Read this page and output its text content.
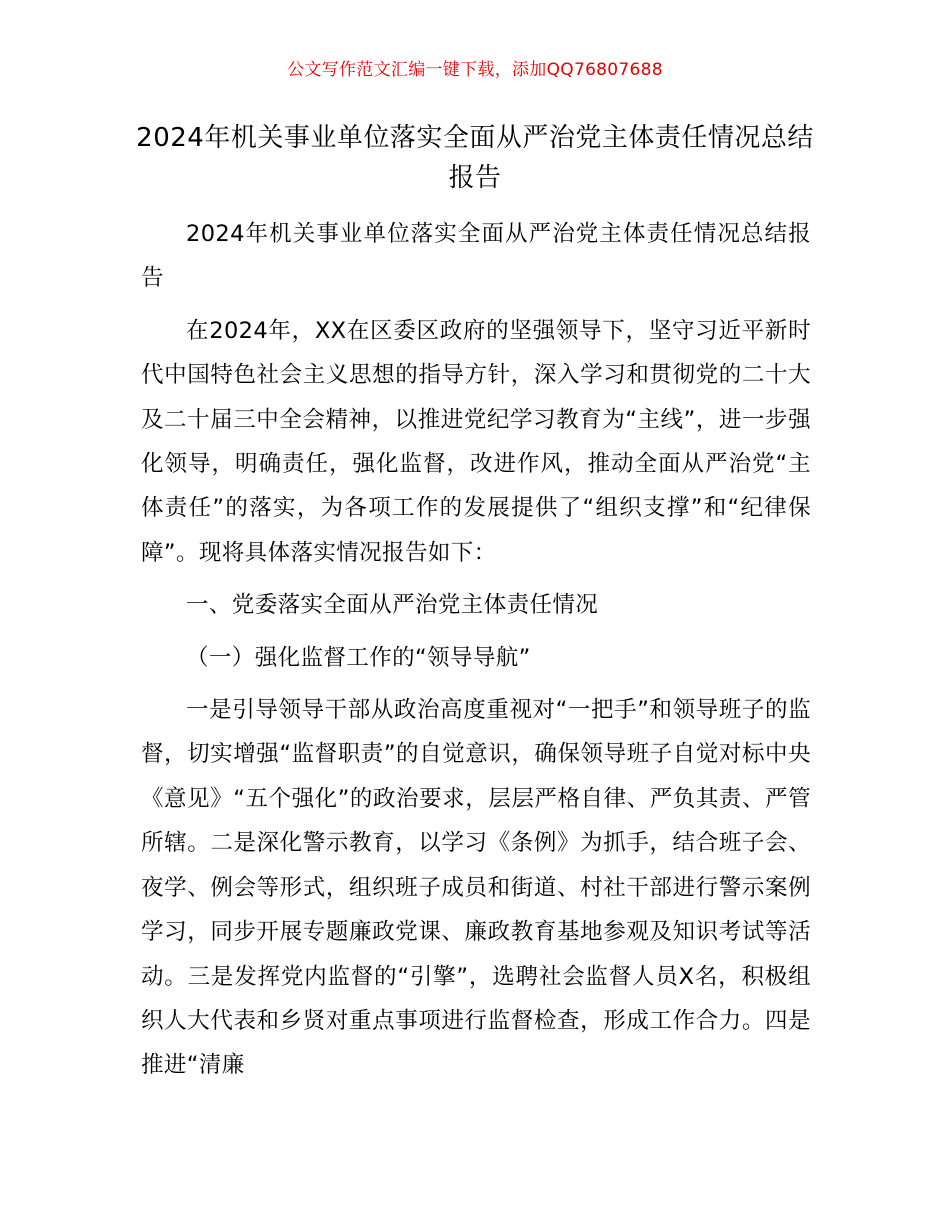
公文写作范文汇编一键下载，添加QQ76807688
2024年机关事业单位落实全面从严治党主体责任情况总结报告

2024年机关事业单位落实全面从严治党主体责任情况总结报告

在2024年，XX在区委区政府的坚强领导下，坚守习近平新时代中国特色社会主义思想的指导方针，深入学习和贯彻党的二十大及二十届三中全会精神，以推进党纪学习教育为“主线”，进一步强化领导，明确责任，强化监督，改进作风，推动全面从严治党“主体责任”的落实，为各项工作的发展提供了“组织支撑”和“纪律保障”。现将具体落实情况报告如下：

一、党委落实全面从严治党主体责任情况

（一）强化监督工作的“领导导航”

一是引导领导干部从政治高度重视对“一把手”和领导班子的监督，切实增强“监督职责”的自觉意识，确保领导班子自觉对标中央《意见》“五个强化”的政治要求，层层严格自律、严负其责、严管所辖。二是深化警示教育，以学习《条例》为抓手，结合班子会、夜学、例会等形式，组织班子成员和街道、村社干部进行警示案例学习，同步开展专题廉政党课、廉政教育基地参观及知识考试等活动。三是发挥党内监督的“引擎”，选聘社会监督人员X名，积极组织人大代表和乡贤对重点事项进行监督检查，形成工作合力。四是推进“清廉
